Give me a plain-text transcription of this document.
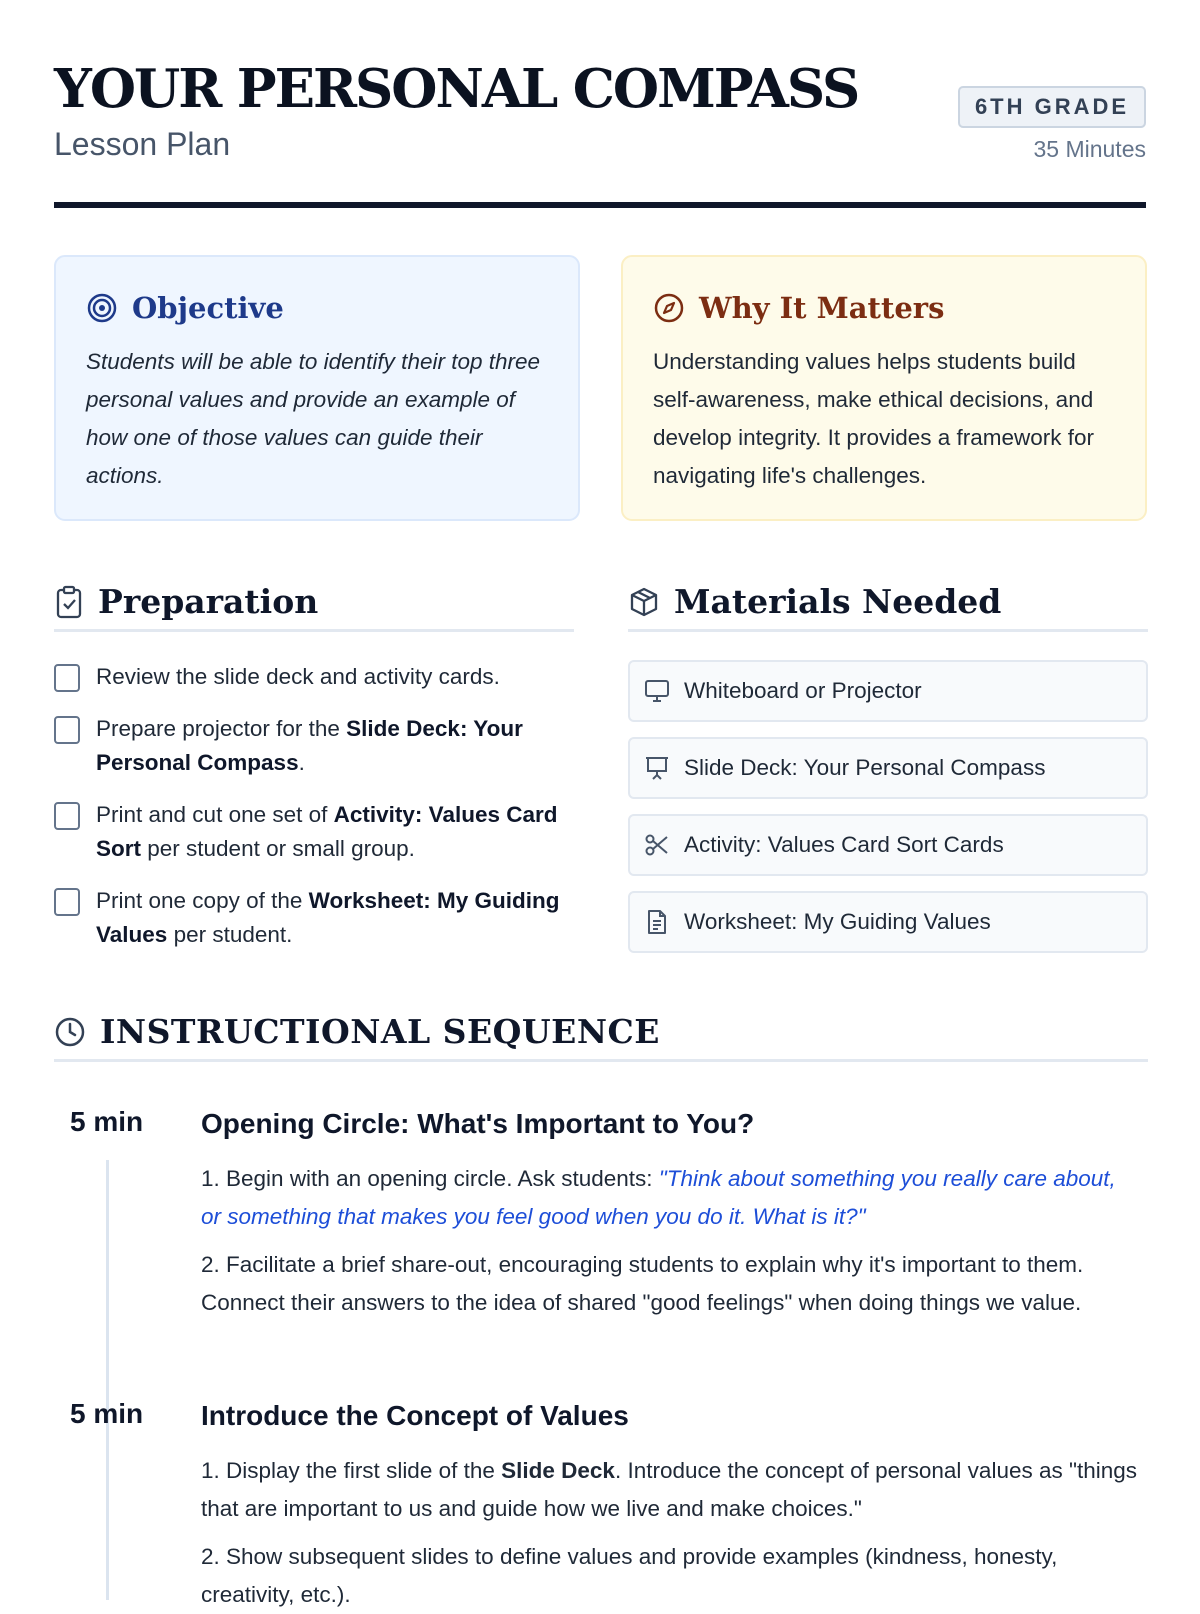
YOUR PERSONAL COMPASS
Lesson Plan
6TH GRADE
35 Minutes
Objective
Students will be able to identify their top three personal values and provide an example of how one of those values can guide their actions.
Why It Matters
Understanding values helps students build self-awareness, make ethical decisions, and develop integrity. It provides a framework for navigating life's challenges.
Preparation
Review the slide deck and activity cards.
Prepare projector for the Slide Deck: Your Personal Compass.
Print and cut one set of Activity: Values Card Sort per student or small group.
Print one copy of the Worksheet: My Guiding Values per student.
Materials Needed
Whiteboard or Projector
Slide Deck: Your Personal Compass
Activity: Values Card Sort Cards
Worksheet: My Guiding Values
INSTRUCTIONAL SEQUENCE
5 min Opening Circle: What's Important to You?

1. Begin with an opening circle. Ask students: "Think about something you really care about, or something that makes you feel good when you do it. What is it?"

2. Facilitate a brief share-out, encouraging students to explain why it's important to them. Connect their answers to the idea of shared "good feelings" when doing things we value.

5 min Introduce the Concept of Values

1. Display the first slide of the Slide Deck. Introduce the concept of personal values as "things that are important to us and guide how we live and make choices."

2. Show subsequent slides to define values and provide examples (kindness, honesty, creativity, etc.).
